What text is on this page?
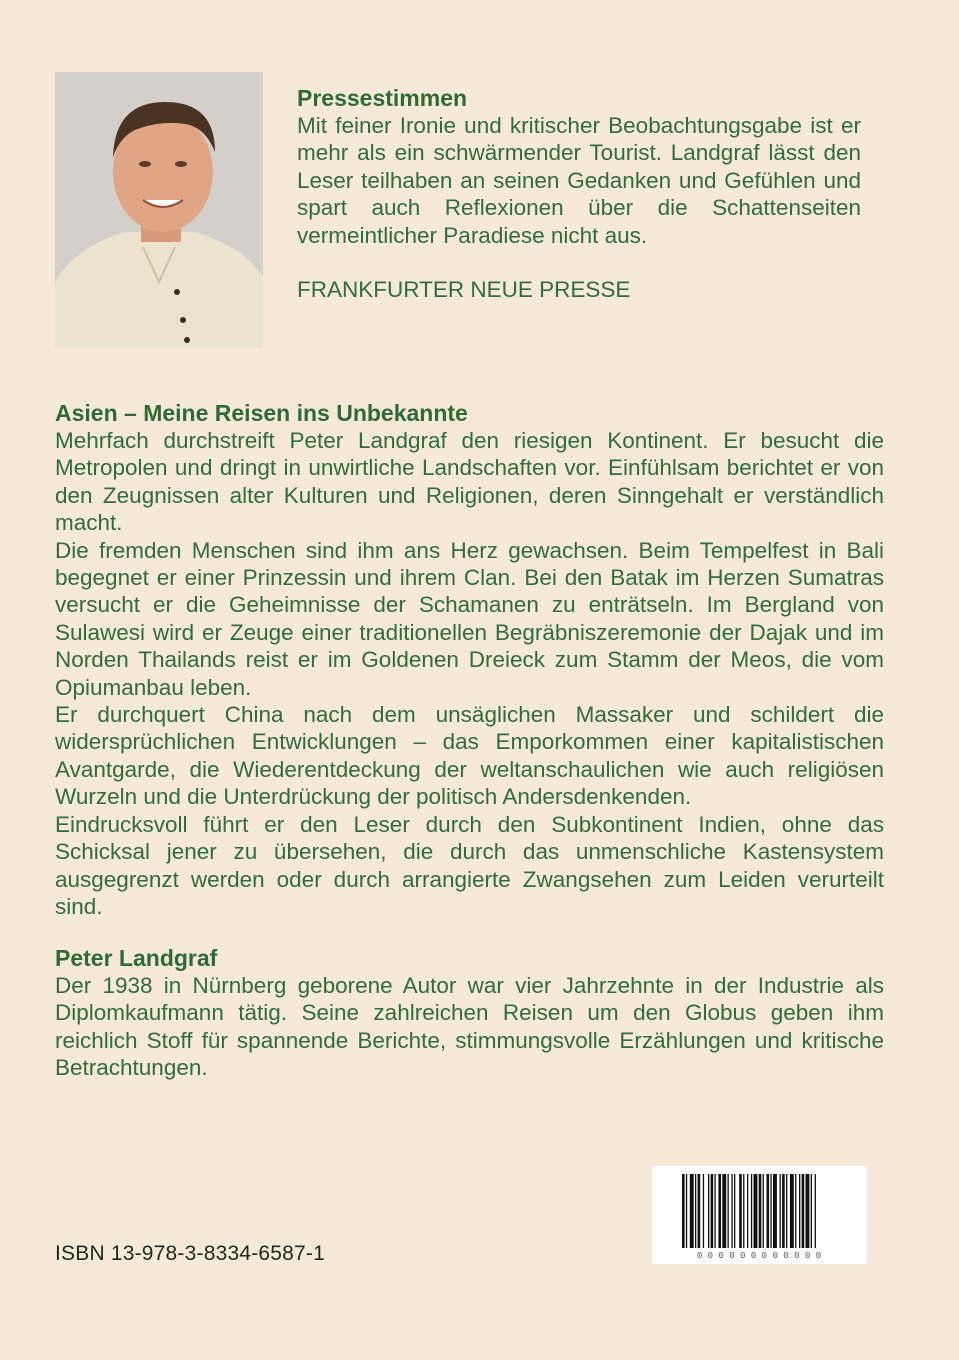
Pressestimmen

Mit feiner Ironie und kritischer Beobachtungsgabe ist er mehr als ein schwärmender Tourist. Landgraf lässt den Leser teilhaben an seinen Gedanken und Gefühlen und spart auch Reflexionen über die Schattenseiten vermeintlicher Paradiese nicht aus.

FRANKFURTER NEUE PRESSE

Asien – Meine Reisen ins Unbekannte

Mehrfach durchstreift Peter Landgraf den riesigen Kontinent. Er besucht die Metropolen und dringt in unwirtliche Landschaften vor. Einfühlsam berichtet er von den Zeugnissen alter Kulturen und Religionen, deren Sinngehalt er verständlich macht.

Die fremden Menschen sind ihm ans Herz gewachsen. Beim Tempelfest in Bali begegnet er einer Prinzessin und ihrem Clan. Bei den Batak im Herzen Sumatras versucht er die Geheimnisse der Schamanen zu enträtseln. Im Bergland von Sulawesi wird er Zeuge einer traditionellen Begräbniszeremonie der Dajak und im Norden Thailands reist er im Goldenen Dreieck zum Stamm der Meos, die vom Opiumanbau leben.

Er durchquert China nach dem unsäglichen Massaker und schildert die widersprüchlichen Entwicklungen – das Emporkommen einer kapitalistischen Avantgarde, die Wiederentdeckung der weltanschaulichen wie auch religiösen Wurzeln und die Unterdrückung der politisch Andersdenkenden.

Eindrucksvoll führt er den Leser durch den Subkontinent Indien, ohne das Schicksal jener zu übersehen, die durch das unmenschliche Kastensystem ausgegrenzt werden oder durch arrangierte Zwangsehen zum Leiden verurteilt sind.

Peter Landgraf

Der 1938 in Nürnberg geborene Autor war vier Jahrzehnte in der Industrie als Diplomkaufmann tätig. Seine zahlreichen Reisen um den Globus geben ihm reichlich Stoff für spannende Berichte, stimmungsvolle Erzählungen und kritische Betrachtungen.

ISBN 13-978-3-8334-6587-1	0 0 0 0 0 0 0 0 0 0 0 0
